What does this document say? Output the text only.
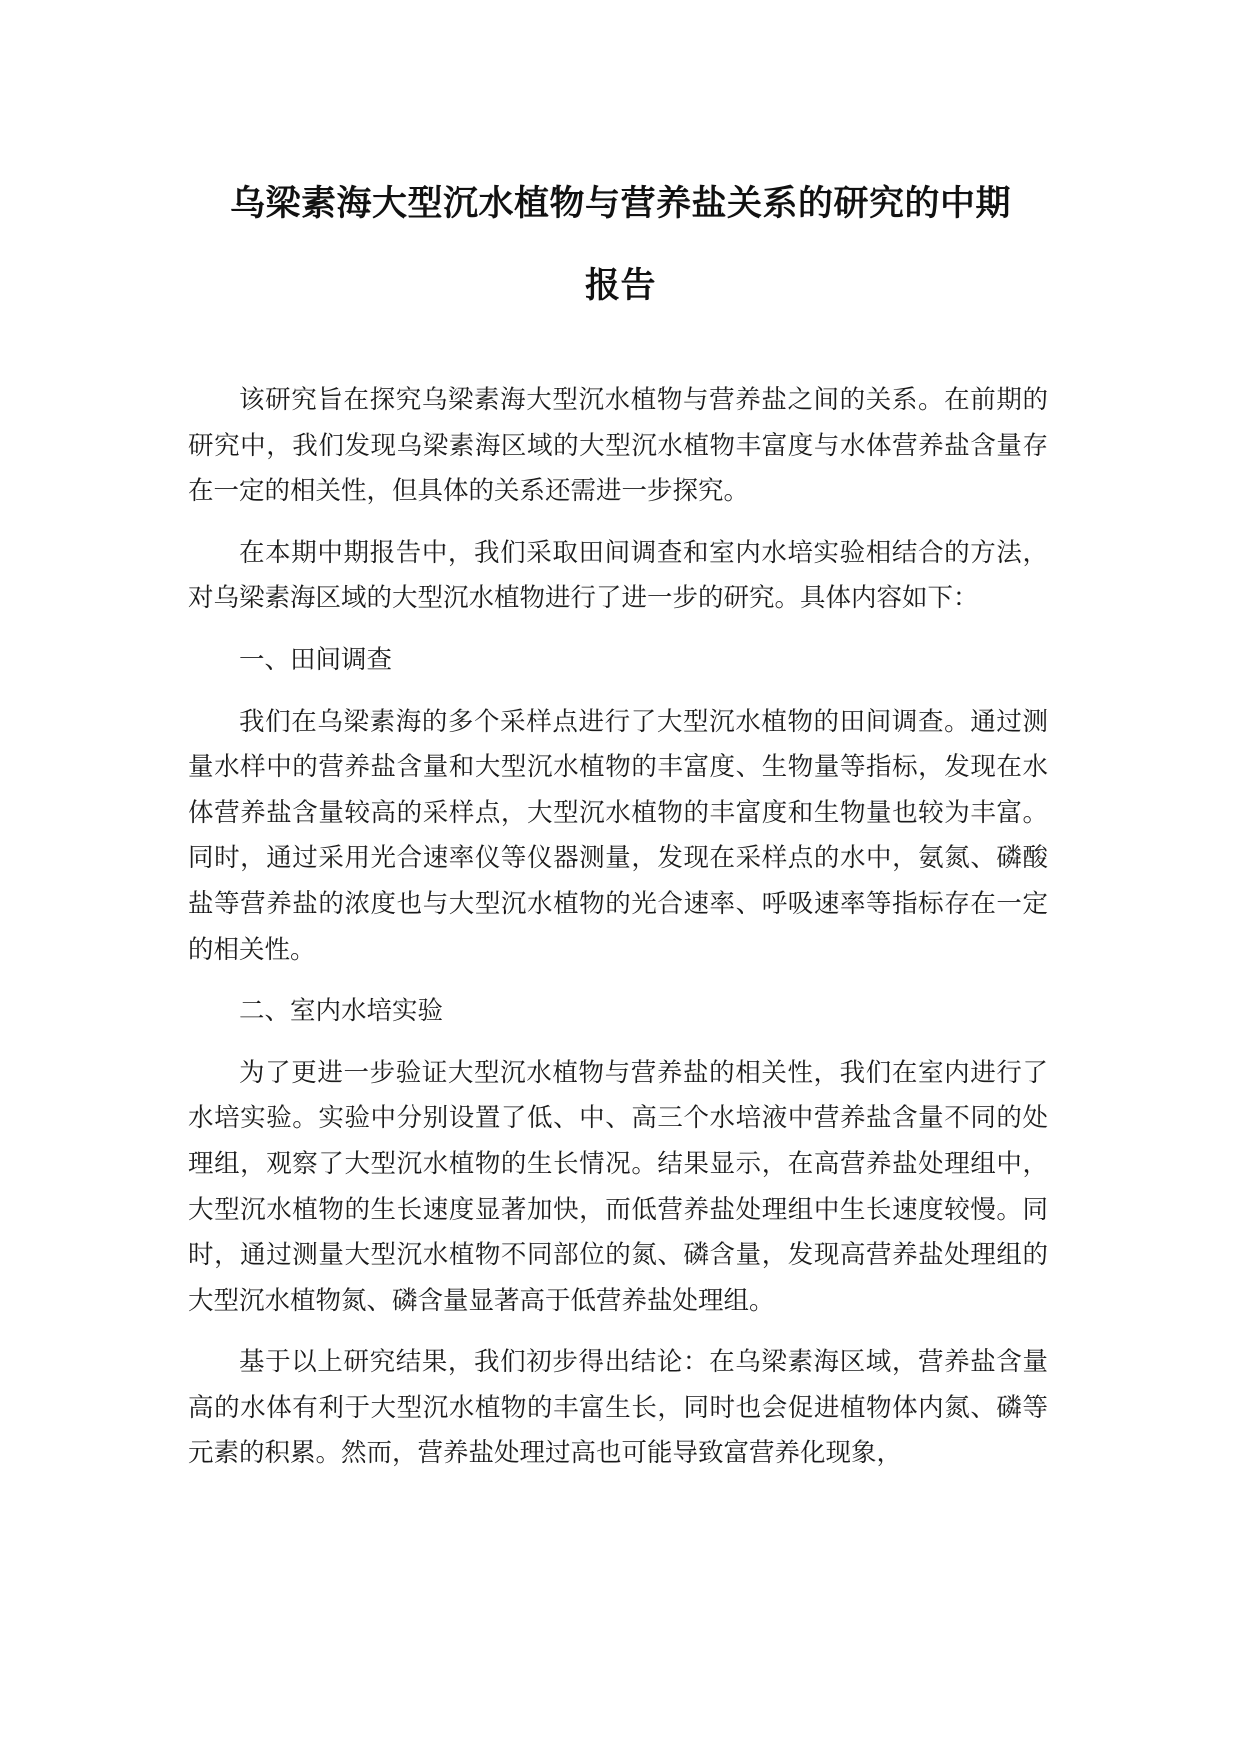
乌梁素海大型沉水植物与营养盐关系的研究的中期
报告

该研究旨在探究乌梁素海大型沉水植物与营养盐之间的关系。在前期的研究中，我们发现乌梁素海区域的大型沉水植物丰富度与水体营养盐含量存在一定的相关性，但具体的关系还需进一步探究。

在本期中期报告中，我们采取田间调查和室内水培实验相结合的方法，对乌梁素海区域的大型沉水植物进行了进一步的研究。具体内容如下：

一、田间调查

我们在乌梁素海的多个采样点进行了大型沉水植物的田间调查。通过测量水样中的营养盐含量和大型沉水植物的丰富度、生物量等指标，发现在水体营养盐含量较高的采样点，大型沉水植物的丰富度和生物量也较为丰富。同时，通过采用光合速率仪等仪器测量，发现在采样点的水中，氨氮、磷酸盐等营养盐的浓度也与大型沉水植物的光合速率、呼吸速率等指标存在一定的相关性。

二、室内水培实验

为了更进一步验证大型沉水植物与营养盐的相关性，我们在室内进行了水培实验。实验中分别设置了低、中、高三个水培液中营养盐含量不同的处理组，观察了大型沉水植物的生长情况。结果显示，在高营养盐处理组中，大型沉水植物的生长速度显著加快，而低营养盐处理组中生长速度较慢。同时，通过测量大型沉水植物不同部位的氮、磷含量，发现高营养盐处理组的大型沉水植物氮、磷含量显著高于低营养盐处理组。

基于以上研究结果，我们初步得出结论：在乌梁素海区域，营养盐含量高的水体有利于大型沉水植物的丰富生长，同时也会促进植物体内氮、磷等元素的积累。然而，营养盐处理过高也可能导致富营养化现象，
